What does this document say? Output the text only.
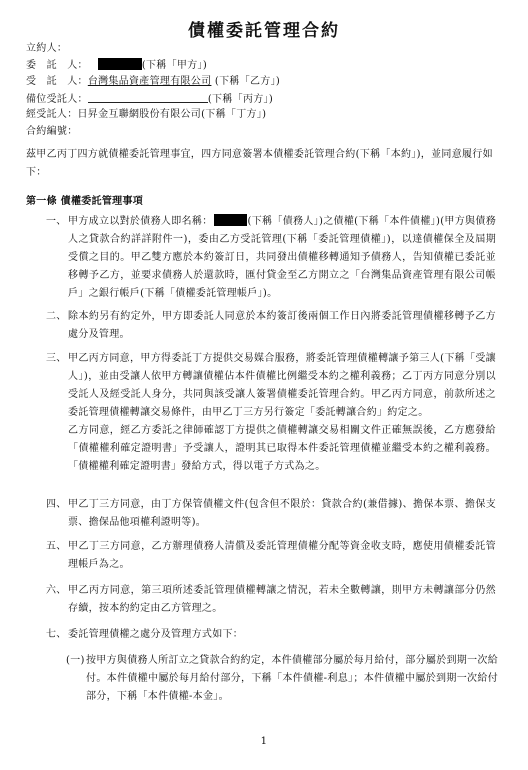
債權委託管理合約
立約人：
委　託　人：	(下稱「甲方」)
受　託　人：台灣集品資產管理有限公司 (下稱「乙方」)
備位受託人：	(下稱「丙方」)
經受託人：日昇金互聯網股份有限公司(下稱「丁方」)
合約編號：
茲甲乙丙丁四方就債權委託管理事宜，四方同意簽署本債權委託管理合約(下稱「本約」)，並同意履行如下：
第一條 債權委託管理事項
一、 甲方成立以對於債務人即名稱：	(下稱「債務人」)之債權(下稱「本件債權」)(甲方與債務人之貸款合約詳詳附件一)，委由乙方受託管理(下稱「委託管理債權」)，以達債權保全及屆期受償之目的。甲乙雙方應於本約簽訂日，共同發出債權移轉通知予債務人，告知債權已委託並移轉予乙方，並要求債務人於還款時，匯付貸金至乙方開立之「台灣集品資產管理有限公司帳戶」之銀行帳戶(下稱「債權委託管理帳戶」)。
二、 除本約另有約定外，甲方即委託人同意於本約簽訂後兩個工作日內將委託管理債權移轉予乙方處分及管理。
三、 甲乙丙方同意，甲方得委託丁方提供交易媒合服務，將委託管理債權轉讓予第三人(下稱「受讓人」)，並由受讓人依甲方轉讓債權佔本件債權比例繼受本約之權利義務；乙丁丙方同意分別以受託人及經受託人身分，共同與該受讓人簽署債權委託管理合約。甲乙丙方同意，前款所述之委託管理債權轉讓交易條件，由甲乙丁三方另行簽定「委託轉讓合約」約定之。
乙方同意，經乙方委託之律師確認丁方提供之債權轉讓交易相關文件正確無誤後，乙方應發給「債權權利確定證明書」予受讓人，證明其已取得本件委託管理債權並繼受本約之權利義務。「債權權利確定證明書」發給方式，得以電子方式為之。
四、 甲乙丁三方同意，由丁方保管債權文件(包含但不限於：貸款合約(兼借據)、擔保本票、擔保支票、擔保品他項權利證明等)。
五、 甲乙丁三方同意，乙方辦理債務人清償及委託管理債權分配等資金收支時，應使用債權委託管理帳戶為之。
六、 甲乙丙方同意，第三項所述委託管理債權轉讓之情況，若未全數轉讓，則甲方未轉讓部分仍然存續，按本約約定由乙方管理之。
七、 委託管理債權之處分及管理方式如下：
(一) 按甲方與債務人所訂立之貸款合約約定，本件債權部分屬於每月給付，部分屬於到期一次給付。本件債權中屬於每月給付部分，下稱「本件債權-利息」；本件債權中屬於到期一次給付部分，下稱「本件債權-本金」。
1
